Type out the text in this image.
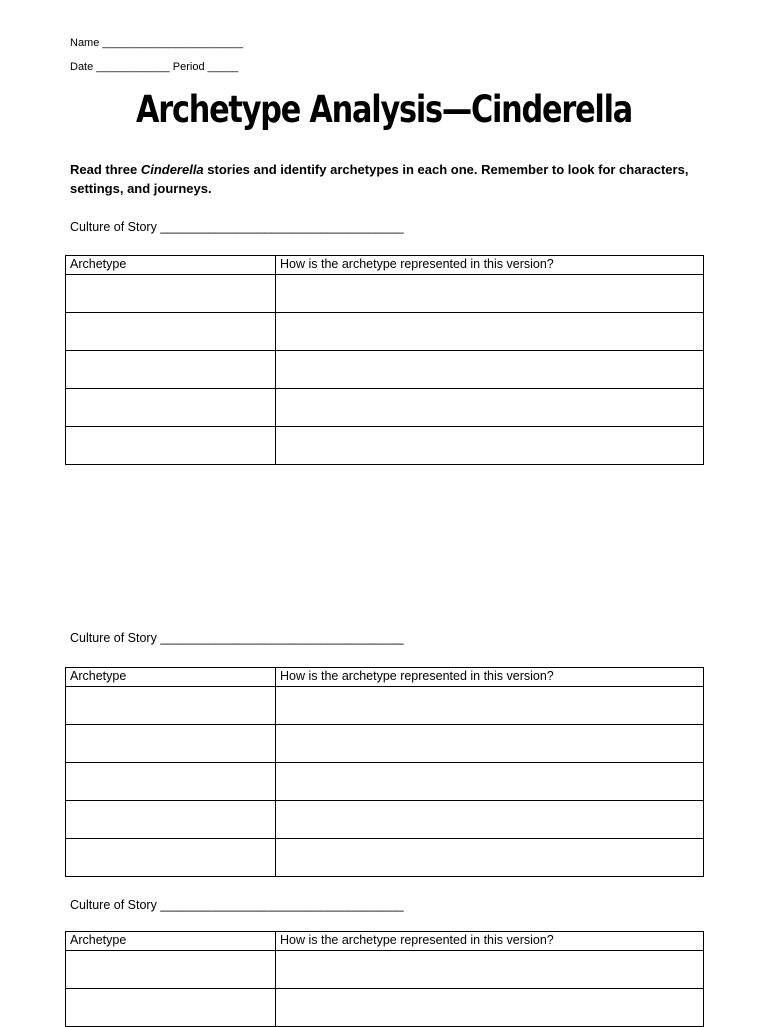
Name _______________________
Date ____________ Period _____
Archetype Analysis—Cinderella
Read three Cinderella stories and identify archetypes in each one. Remember to look for characters, settings, and journeys.
Culture of Story ___________________________________
Archetype	How is the archetype represented in this version?

Culture of Story ___________________________________
Archetype	How is the archetype represented in this version?

Culture of Story ___________________________________
Archetype	How is the archetype represented in this version?
